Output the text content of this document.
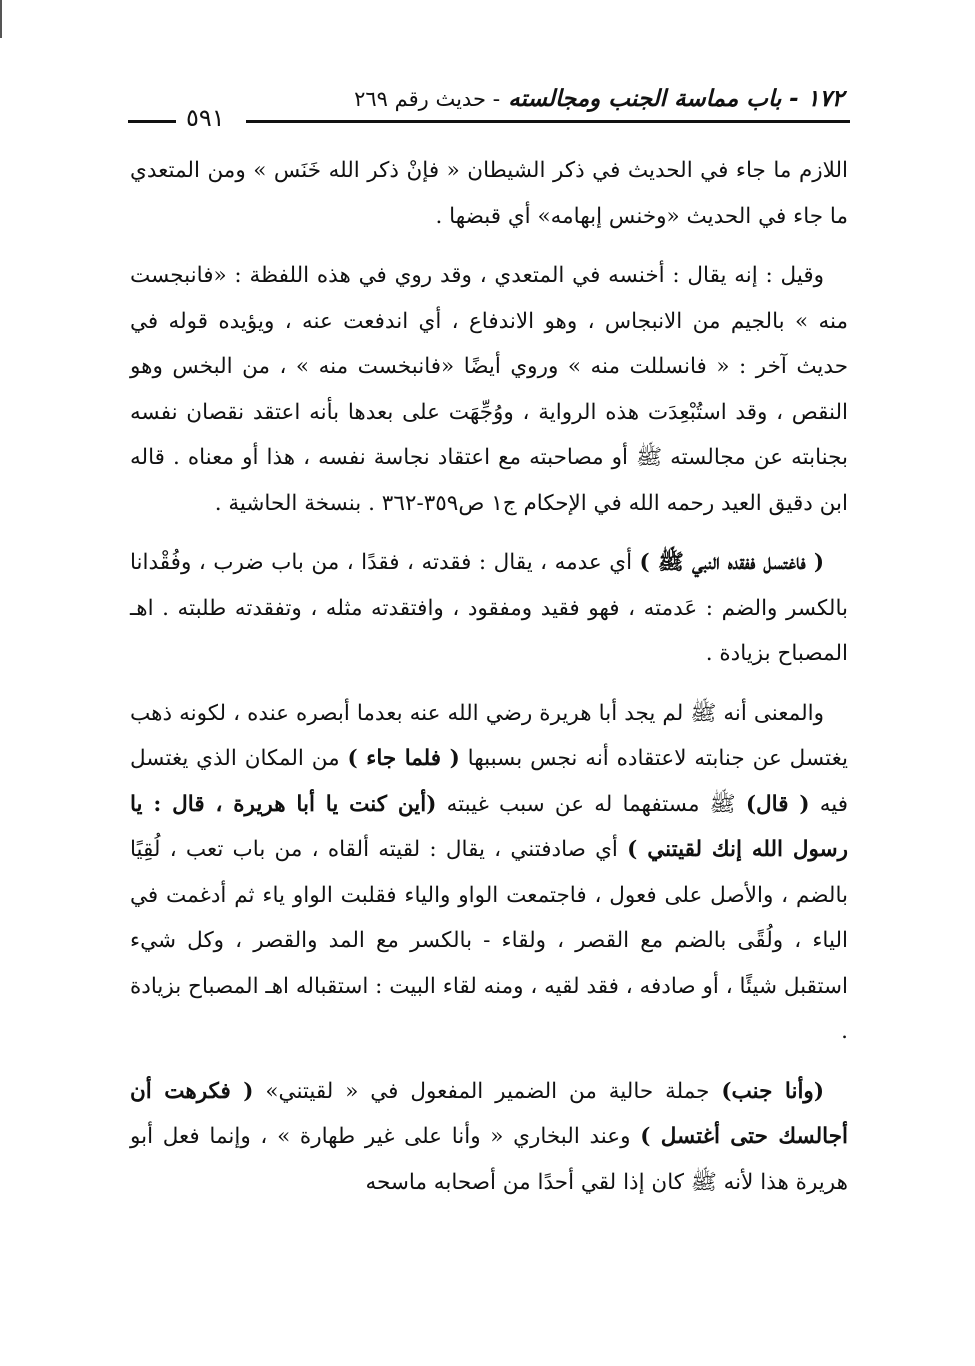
١٧٢ - باب مماسة الجنب ومجالسته - حديث رقم ٢٦٩
٥٩١

اللازم ما جاء في الحديث في ذكر الشيطان « فإنْ ذكر الله خَنَس » ومن المتعدي ما جاء في الحديث «وخنس إبهامه» أي قبضها .

وقيل : إنه يقال : أخنسه في المتعدي ، وقد روي في هذه اللفظة : «فانبجست منه » بالجيم من الانبجاس ، وهو الاندفاع ، أي اندفعت عنه ، ويؤيده قوله في حديث آخر : « فانسللت منه » وروي أيضًا «فانبخست منه » ، من البخس وهو النقص ، وقد استُبْعِدَت هذه الرواية ، ووُجِّهَت على بعدها بأنه اعتقد نقصان نفسه بجنابته عن مجالسته ﷺ أو مصاحبته مع اعتقاد نجاسة نفسه ، هذا أو معناه . قاله ابن دقيق العيد رحمه الله في الإحكام ج١ ص٣٥٩-٣٦٢ . بنسخة الحاشية .

( فاغتسل ففقده النبي ﷺ ) أي عدمه ، يقال : فقدته ، فقدًا ، من باب ضرب ، وفُقْدانا بالكسر والضم : عَدمته ، فهو فقيد ومفقود ، وافتقدته مثله ، وتفقدته طلبته . اهـ المصباح بزيادة .

والمعنى أنه ﷺ لم يجد أبا هريرة رضي الله عنه بعدما أبصره عنده ، لكونه ذهب يغتسل عن جنابته لاعتقاده أنه نجس بسببها ( فلما جاء ) من المكان الذي يغتسل فيه ( قال) ﷺ مستفهما له عن سبب غيبته (أين كنت يا أبا هريرة ، قال : يا رسول الله إنك لقيتني ) أي صادفتني ، يقال : لقيته ألقاه ، من باب تعب ، لُقِيًا بالضم ، والأصل على فعول ، فاجتمعت الواو والياء فقلبت الواو ياء ثم أدغمت في الياء ، ولُقًى بالضم مع القصر ، ولقاء - بالكسر مع المد والقصر ، وكل شيء استقبل شيئًا ، أو صادفه ، فقد لقيه ، ومنه لقاء البيت : استقباله اهـ المصباح بزيادة .

(وأنا جنب) جملة حالية من الضمير المفعول في « لقيتني» ( فكرهت أن أجالسك حتى أغتسل ) وعند البخاري « وأنا على غير طهارة » ، وإنما فعل أبو هريرة هذا لأنه ﷺ كان إذا لقي أحدًا من أصحابه ماسحه
